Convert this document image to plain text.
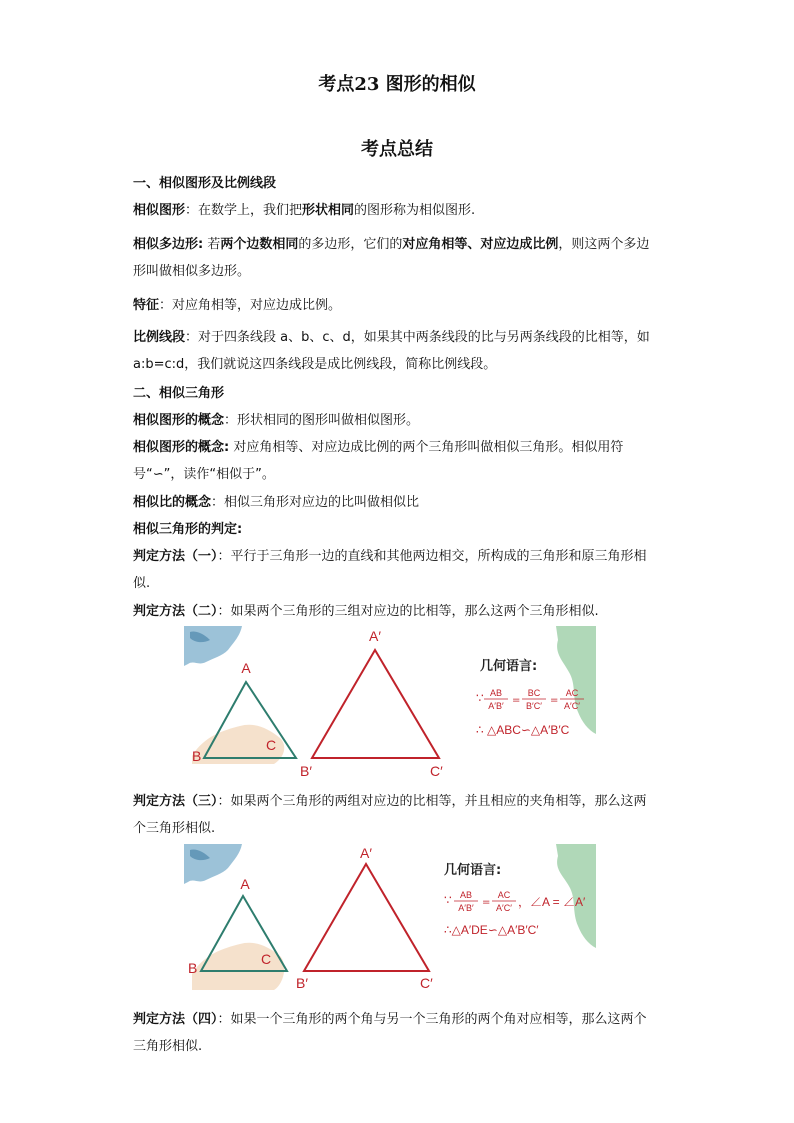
考点23 图形的相似
考点总结
一、相似图形及比例线段
相似图形：在数学上，我们把形状相同的图形称为相似图形.
相似多边形: 若两个边数相同的多边形，它们的对应角相等、对应边成比例，则这两个多边形叫做相似多边形。
特征：对应角相等，对应边成比例。
比例线段：对于四条线段 a、b、c、d，如果其中两条线段的比与另两条线段的比相等，如 a:b=c:d，我们就说这四条线段是成比例线段，简称比例线段。
二、相似三角形
相似图形的概念：形状相同的图形叫做相似图形。
相似图形的概念: 对应角相等、对应边成比例的两个三角形叫做相似三角形。相似用符号“∽”，读作“相似于”。
相似比的概念：相似三角形对应边的比叫做相似比
相似三角形的判定:
判定方法（一）：平行于三角形一边的直线和其他两边相交，所构成的三角形和原三角形相似.
判定方法（二）：如果两个三角形的三组对应边的比相等，那么这两个三角形相似.
A
B
C
A′
B′	C′
几何语言:
∵ AB
A′B′ =
BC
B′C′ =
AC
A′C′
∴ △ABC∽△A′B′C
判定方法（三）：如果两个三角形的两组对应边的比相等，并且相应的夹角相等，那么这两个三角形相似.
A
B
C
A′
B′	C′
几何语言:
∵ AB
A′B′ =
AC
A′C′ ，∠A = ∠A′
∴△A′DE∽△A′B′C′
判定方法（四）：如果一个三角形的两个角与另一个三角形的两个角对应相等，那么这两个三角形相似.
